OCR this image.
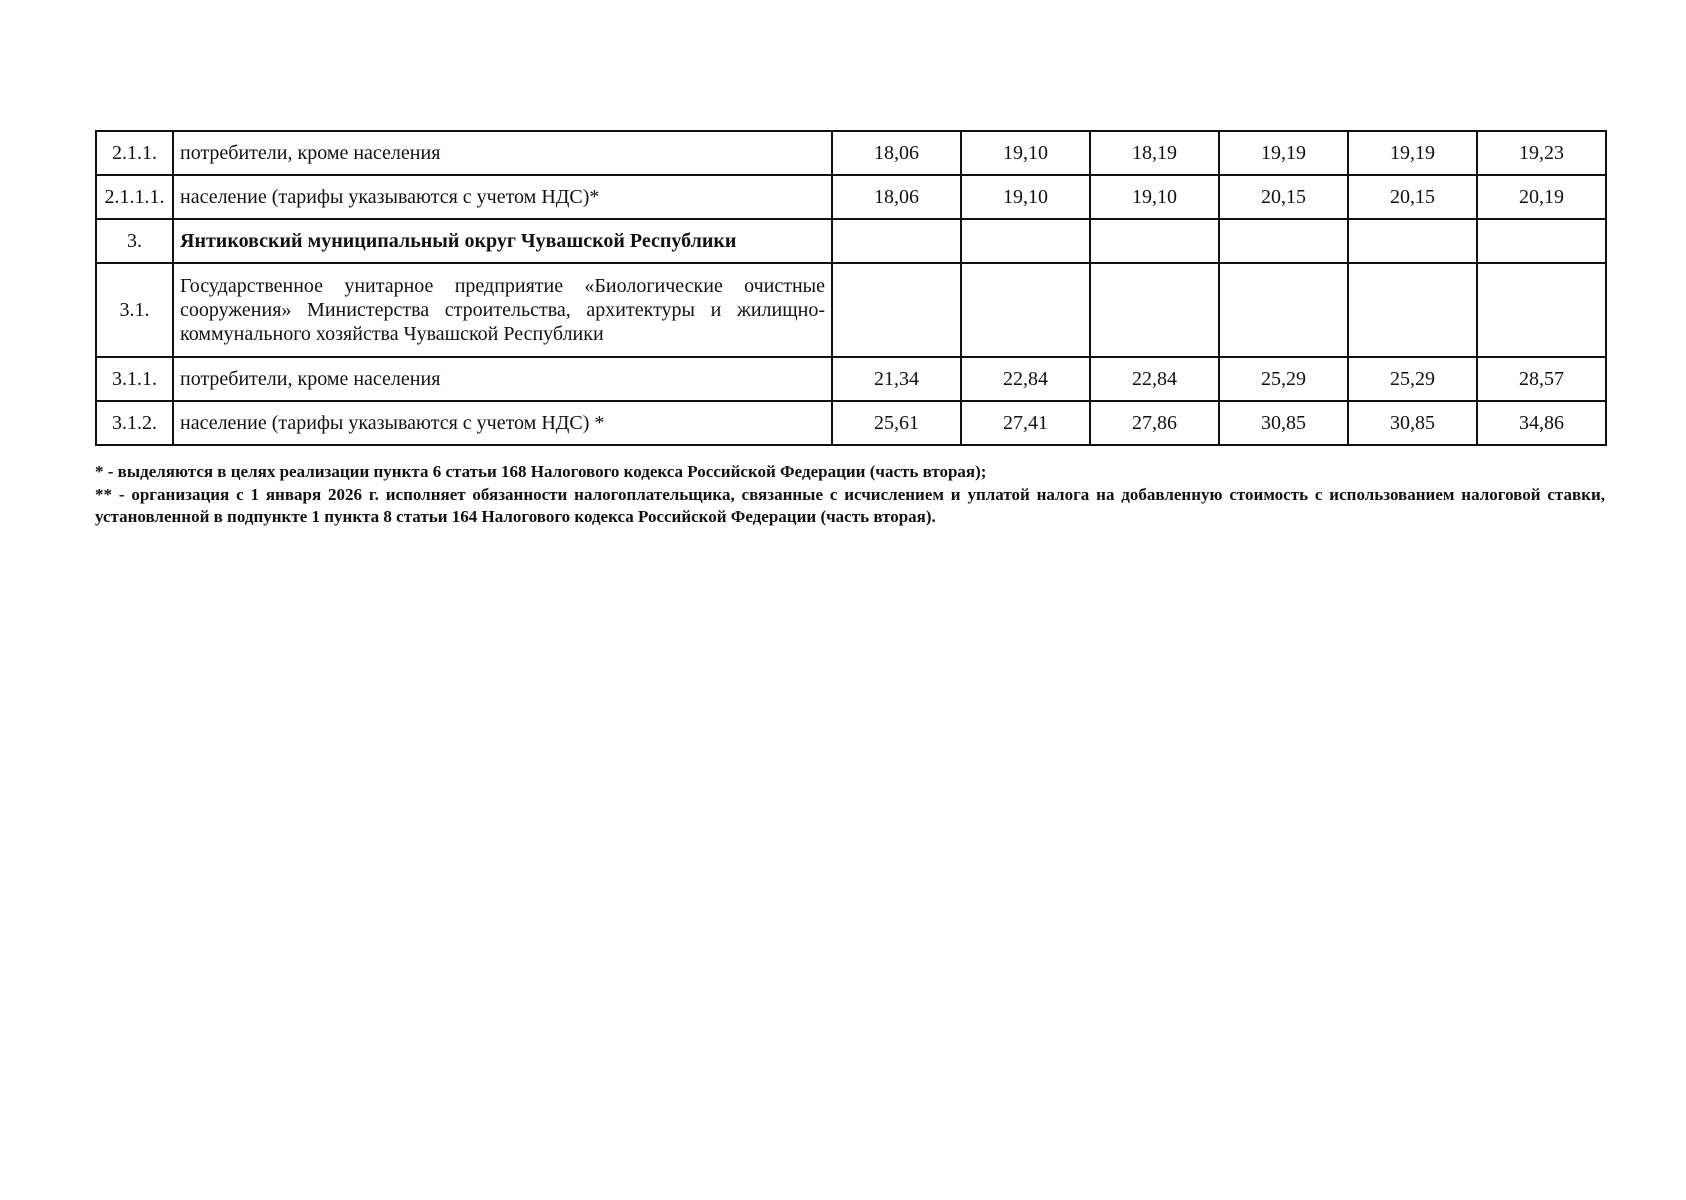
2.1.1.	потребители, кроме населения	18,06	19,10	18,19	19,19	19,19	19,23
2.1.1.1.	население (тарифы указываются с учетом НДС)*	18,06	19,10	19,10	20,15	20,15	20,19
3.	Янтиковский муниципальный округ Чувашской Республики						
3.1.	Государственное унитарное предприятие «Биологические очистные сооружения» Министерства строительства, архитектуры и жилищно-коммунального хозяйства Чувашской Республики						
3.1.1.	потребители, кроме населения	21,34	22,84	22,84	25,29	25,29	28,57
3.1.2.	население (тарифы указываются с учетом НДС) *	25,61	27,41	27,86	30,85	30,85	34,86

* - выделяются в целях реализации пункта 6 статьи 168 Налогового кодекса Российской Федерации (часть вторая);

** - организация с 1 января 2026 г. исполняет обязанности налогоплательщика, связанные с исчислением и уплатой налога на добавленную стоимость с использованием налоговой ставки, установленной в подпункте 1 пункта 8 статьи 164 Налогового кодекса Российской Федерации (часть вторая).
